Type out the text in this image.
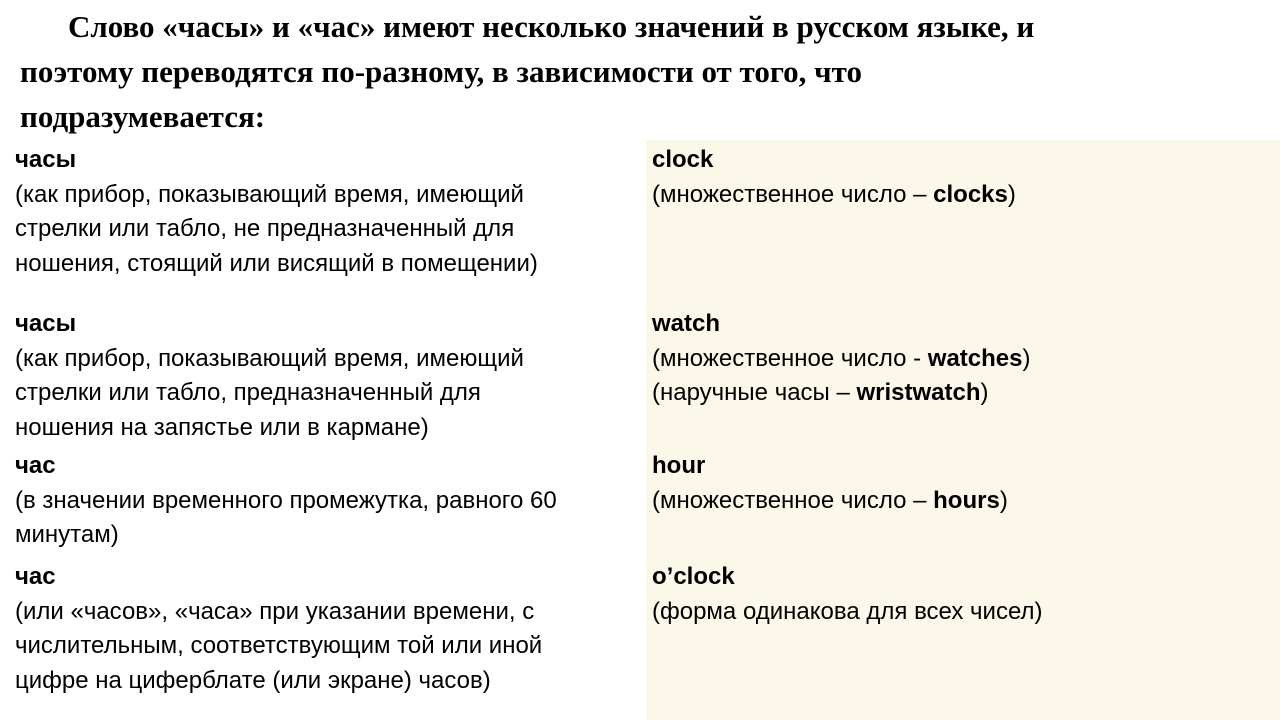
Слово «часы» и «час» имеют несколько значений в русском языке, и
поэтому переводятся по-разному, в зависимости от того, что
подразумевается:
часы
(как прибор, показывающий время, имеющий
стрелки или табло, не предназначенный для
ношения, стоящий или висящий в помещении)
clock
(множественное число – clocks)
часы
(как прибор, показывающий время, имеющий
стрелки или табло, предназначенный для
ношения на запястье или в кармане)
watch
(множественное число - watches)
(наручные часы – wristwatch)
час
(в значении временного промежутка, равного 60
минутам)
hour
(множественное число – hours)
час
(или «часов», «часа» при указании времени, с
числительным, соответствующим той или иной
цифре на циферблате (или экране) часов)
o’clock
(форма одинакова для всех чисел)
